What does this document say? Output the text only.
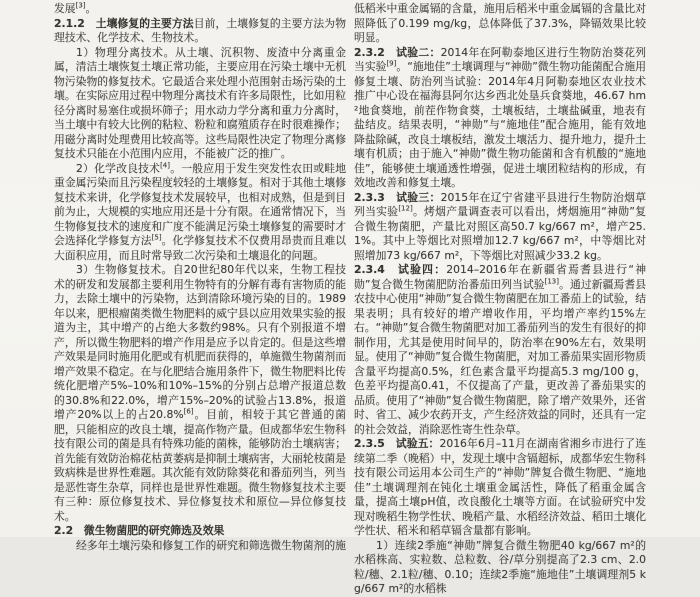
发展[3]。

2.1.2　土壤修复的主要方法目前，土壤修复的主要方法为物理技术、化学技术、生物技术。

1）物理分离技术。从土壤、沉积物、废渣中分离重金属，清洁土壤恢复土壤正常功能，主要应用在污染土壤中无机物污染物的修复技术。它最适合来处理小范围射击场污染的土壤。在实际应用过程中物理分离技术有许多局限性，比如用粒径分离时易塞住或损坏筛子；用水动力学分离和重力分离时，当土壤中有较大比例的粘粒、粉粒和腐殖质存在时很难操作；用磁分离时处理费用比较高等。这些局限性决定了物理分离修复技术只能在小范围内应用，不能被广泛的推广。

2）化学改良技术[4]。一般应用于发生突发性农田或畦地重金属污染而且污染程度较轻的土壤修复。相对于其他土壤修复技术来讲，化学修复技术发展较早，也相对成熟，但是到目前为止，大规模的实地应用还是十分有限。在通常情况下，当生物修复技术的速度和广度不能满足污染土壤修复的需要时才会选择化学修复方法[5]。化学修复技术不仅费用昂贵而且难以大面积应用，而且时常导致二次污染和土壤退化的问题。

3）生物修复技术。自20世纪80年代以来，生物工程技术的研发和发展都主要利用生物特有的分解有毒有害物质的能力，去除土壤中的污染物，达到清除环境污染的目的。1989年以来，肥根瘤菌类微生物肥料的威宁县以应用效果实验的报道为主，其中增产的占绝大多数约98%。只有个别报道不增产，所以微生物肥料的增产作用是应予以肯定的。但是这些增产效果是同时施用化肥或有机肥而获得的，单施微生物菌剂而增产效果不稳定。在与化肥结合施用条件下，微生物肥料比传统化肥增产5%–10%和10%–15%的分别占总增产报道总数的30.8%和22.0%，增产15%–20%的试验占13.8%，报道增产20%以上的占20.8%[6]。目前，相较于其它普通的菌肥，只能相应的改良土壤，提高作物产量。但成都华宏生物科技有限公司的菌是具有特殊功能的菌株，能够防治土壤病害；首先能有效防治棉花枯黄萎病是抑制土壤病害，大丽轮枝菌是致病株是世界性难题。其次能有效防除葵花和番茄列当，列当是恶性寄生杂草，同样也是世界性难题。微生物修复技术主要有三种：原位修复技术、异位修复技术和原位—异位修复技术。

2.2　微生物菌肥的研究筛选及效果

经多年土壤污染和修复工作的研究和筛选微生物菌剂的施

低稻米中重金属镉的含量，施用后稻米中重金属镉的含量比对照降低了0.199 mg/kg，总体降低了37.3%，降镉效果比较明显。

2.3.2　试验二：2014年在阿勒泰地区进行生物防治葵花列当实验[9]。“施地佳”土壤调理与“神勋”微生物功能菌配合施用修复土壤、防治列当试验：2014年4月阿勒泰地区农业技术推广中心设在福海县阿尔达乡西北处垦兵食葵地，46.67 hm²地食葵地，前茬作物食葵，土壤板结，土壤盐碱重，地表有盐结皮。结果表明，“神勋”与“施地佳”配合施用，能有效地降盐除碱，改良土壤板结，激发土壤活力、提升地力，提升土壤有机质；由于施入“神勋”微生物功能菌和含有机酸的“施地佳”，能够使土壤通透性增强，促进土壤团粒结构的形成，有效地改善和修复土壤。

2.3.3　试验三：2015年在辽宁省建平县进行生物防治烟草列当实验[12]。烤烟产量调查表可以看出，烤烟施用“神勋”复合微生物菌肥，产量比对照区高50.7 kg/667 m²，增产25.1%。其中上等烟比对照增加12.7 kg/667 m²，中等烟比对照增加73 kg/667 m²，下等烟比对照减少33.2 kg。

2.3.4　试验四：2014–2016年在新疆省焉耆县进行“神勋”复合微生物菌肥防治番茄田列当试验[13]。通过新疆焉耆县农技中心使用“神勋”复合微生物菌肥在加工番茄上的试验，结果表明；具有较好的增产增收作用，平均增产率约15%左右。“神勋”复合微生物菌肥对加工番茄列当的发生有很好的抑制作用，尤其是使用时间早的，防治率在90%左右，效果明显。使用了“神勋”复合微生物菌肥，对加工番茄果实固形物质含量平均提高0.5%，红色素含量平均提高5.3 mg/100 g，色差平均提高0.41，不仅提高了产量，更改善了番茄果实的品质。使用了“神勋”复合微生物菌肥，除了增产效果外，还省时、省工、减少农药开支，产生经济效益的同时，还具有一定的社会效益，消除恶性寄生性杂草。

2.3.5　试验五：2016年6月–11月在湖南省湘乡市进行了连续第二季（晚稻）中，发现土壤中含镉超标，成都华宏生物科技有限公司运用本公司生产的“神勋”牌复合微生物肥、“施地佳”土壤调理剂在钝化土壤重金属活性，降低了稻重金属含量，提高土壤pH值，改良酸化土壤等方面。在试验研究中发现对晚稻生物学性状、晚稻产量、水稻经济效益、稻田土壤化学性状、稻米和稻草镉含量都有影响。

1）连续2季施“神勋”牌复合微生物肥40 kg/667 m²的水稻株高、实粒数、总粒数、谷/草分别提高了2.3 cm、2.0粒/穗、2.1粒/穗、0.10；连续2季施“施地佳”土壤调理剂5 kg/667 m²的水稻株
